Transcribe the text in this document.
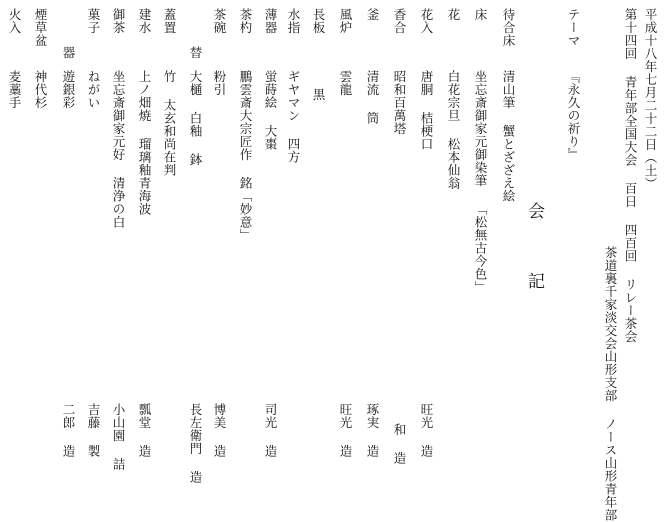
平成十八年七月二十二日（土）
第十四回 青年部全国大会 百日 四百回 リレー茶会
茶道裏千家淡交会山形支部 ノース山形青年部
会
記
テーマ
『永久の祈り』
待合床
清山筆 蟹とざざえ絵
床
坐忘斎御家元御染筆 「松無古今色」
花
白花宗旦 松本仙翁
花入
唐胴 桔梗口
旺光 造
香合
昭和百萬塔
和 造
釜
清流 筒
琢実 造
風炉
雲龍
旺光 造
長板
黒
水指
ギヤマン 四方
薄器
蛍蒔絵 大棗
司光 造
茶杓
鵬雲斎大宗匠作 銘「妙意」
茶碗
粉引
博美 造
替
大樋 白釉 鉢
長左衛門 造
蓋置
竹 太玄和尚在判
建水
上ノ畑焼 瑠璃釉青海波
瓢堂 造
御茶
坐忘斎御家元好 清浄の白
小山園 詰
菓子
ねがい
吉藤 製
器
遊銀彩
二郎 造
煙草盆
神代杉
火入
麦藁手
